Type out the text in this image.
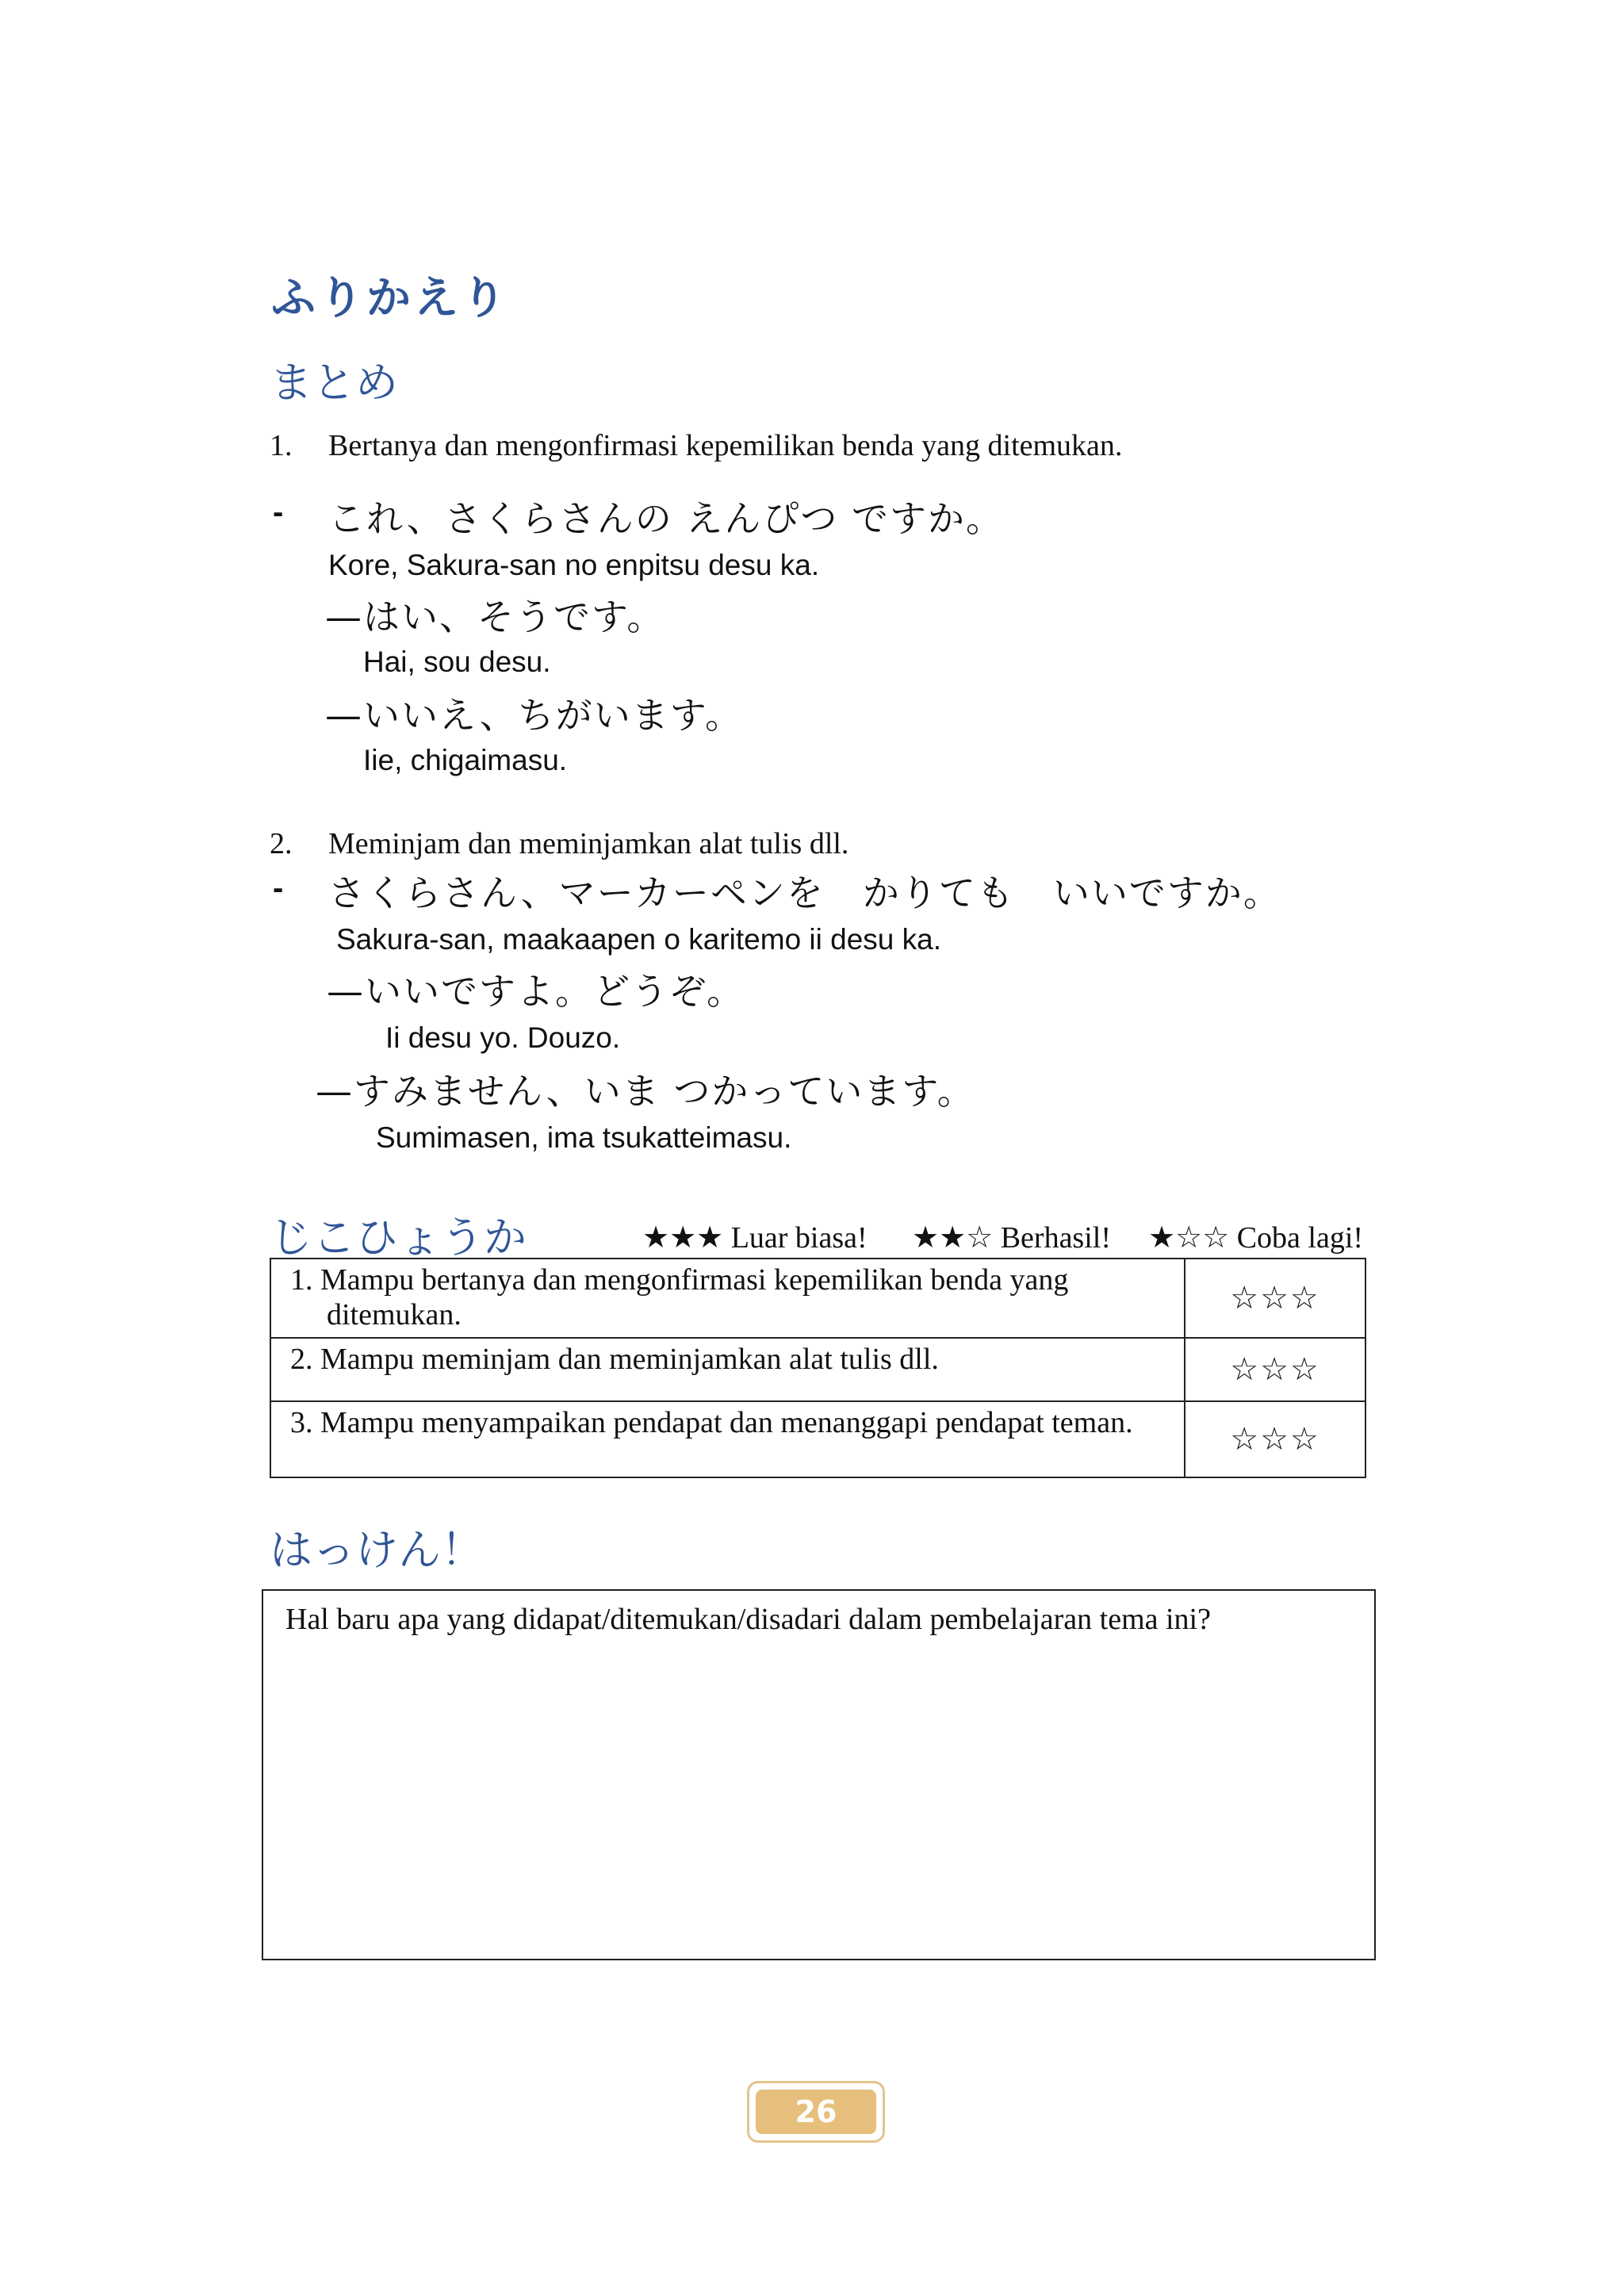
ふりかえり
まとめ
1. Bertanya dan mengonfirmasi kepemilikan benda yang ditemukan.
- これ、さくらさんの えんぴつ ですか。
Kore, Sakura-san no enpitsu desu ka.
—はい、そうです。
Hai, sou desu.
—いいえ、ちがいます。
Iie, chigaimasu.
2. Meminjam dan meminjamkan alat tulis dll.
- さくらさん、マーカーペンを　かりても　いいですか。
Sakura-san, maakaapen o karitemo ii desu ka.
—いいですよ。どうぞ。
Ii desu yo. Douzo.
—すみません、いま つかっています。
Sumimasen, ima tsukatteimasu.
じこひょうか	★★★ Luar biasa! ★★☆ Berhasil! ★☆☆ Coba lagi!
1. Mampu bertanya dan mengonfirmasi kepemilikan benda yang ditemukan.	☆☆☆

2. Mampu meminjam dan meminjamkan alat tulis dll.	☆☆☆

3. Mampu menyampaikan pendapat dan menanggapi pendapat teman.	☆☆☆
はっけん！
Hal baru apa yang didapat/ditemukan/disadari dalam pembelajaran tema ini?
26
